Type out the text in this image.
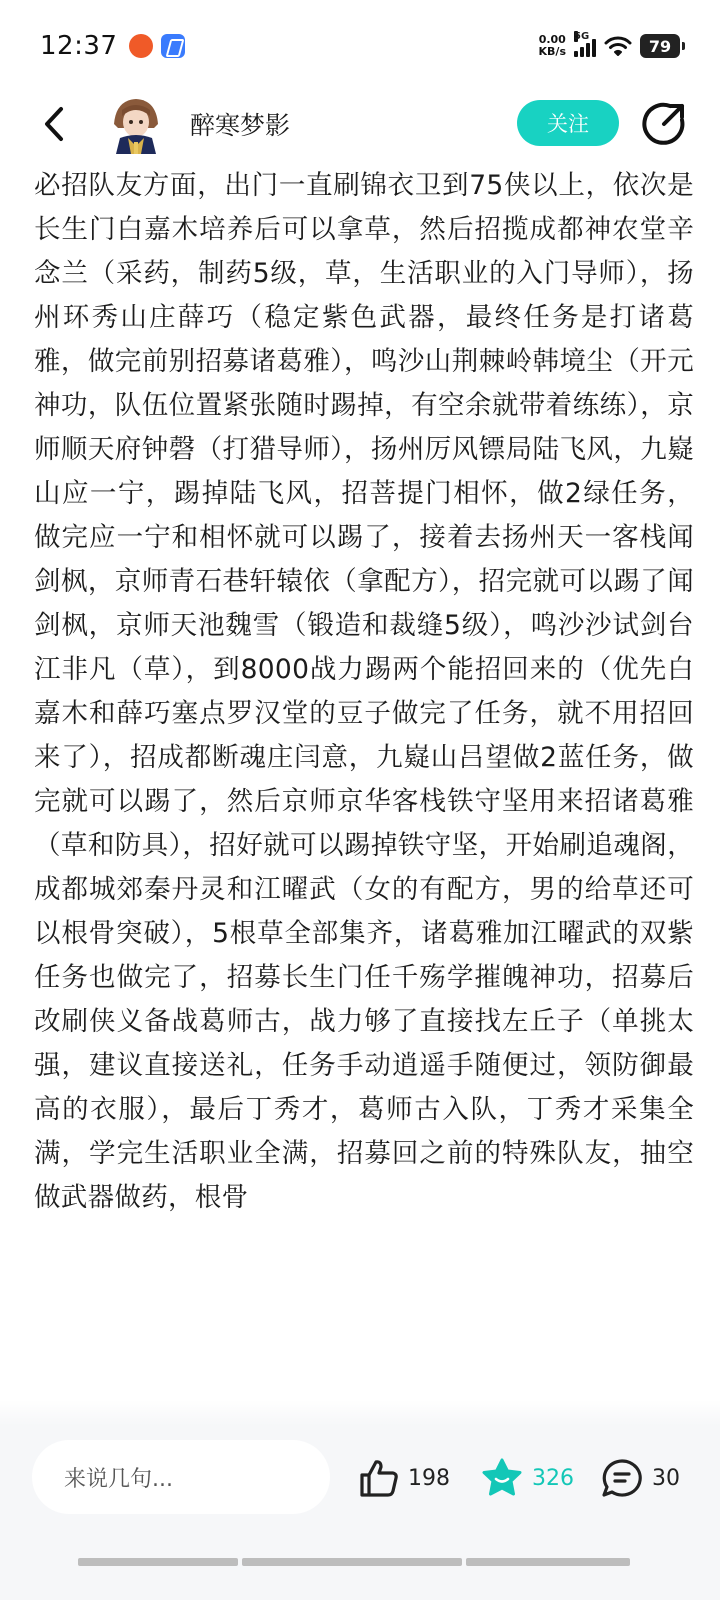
12:37	0.00
KB/s
5G	79
醉寒梦影	关注

必招队友方面，出门一直刷锦衣卫到75侠以上，依次是长生门白嘉木培养后可以拿草，然后招揽成都神农堂辛念兰（采药，制药5级，草，生活职业的入门导师），扬州环秀山庄薛巧（稳定紫色武器，最终任务是打诸葛雅，做完前别招募诸葛雅），鸣沙山荆棘岭韩境尘（开元神功，队伍位置紧张随时踢掉，有空余就带着练练），京师顺天府钟磬（打猎导师），扬州厉风镖局陆飞风，九嶷山应一宁，踢掉陆飞风，招菩提门相怀，做2绿任务，做完应一宁和相怀就可以踢了，接着去扬州天一客栈闻剑枫，京师青石巷轩辕依（拿配方），招完就可以踢了闻剑枫，京师天池魏雪（锻造和裁缝5级），鸣沙沙试剑台江非凡（草），到8000战力踢两个能招回来的（优先白嘉木和薛巧塞点罗汉堂的豆子做完了任务，就不用招回来了），招成都断魂庄闫意，九嶷山吕望做2蓝任务，做完就可以踢了，然后京师京华客栈铁守坚用来招诸葛雅（草和防具），招好就可以踢掉铁守坚，开始刷追魂阁，成都城郊秦丹灵和江曜武（女的有配方，男的给草还可以根骨突破），5根草全部集齐，诸葛雅加江曜武的双紫任务也做完了，招募长生门任千殇学摧魄神功，招募后改刷侠义备战葛师古，战力够了直接找左丘子（单挑太强，建议直接送礼，任务手动逍遥手随便过，领防御最高的衣服），最后丁秀才，葛师古入队，丁秀才采集全满，学完生活职业全满，招募回之前的特殊队友，抽空做武器做药，根骨

来说几句...	198	326	30
